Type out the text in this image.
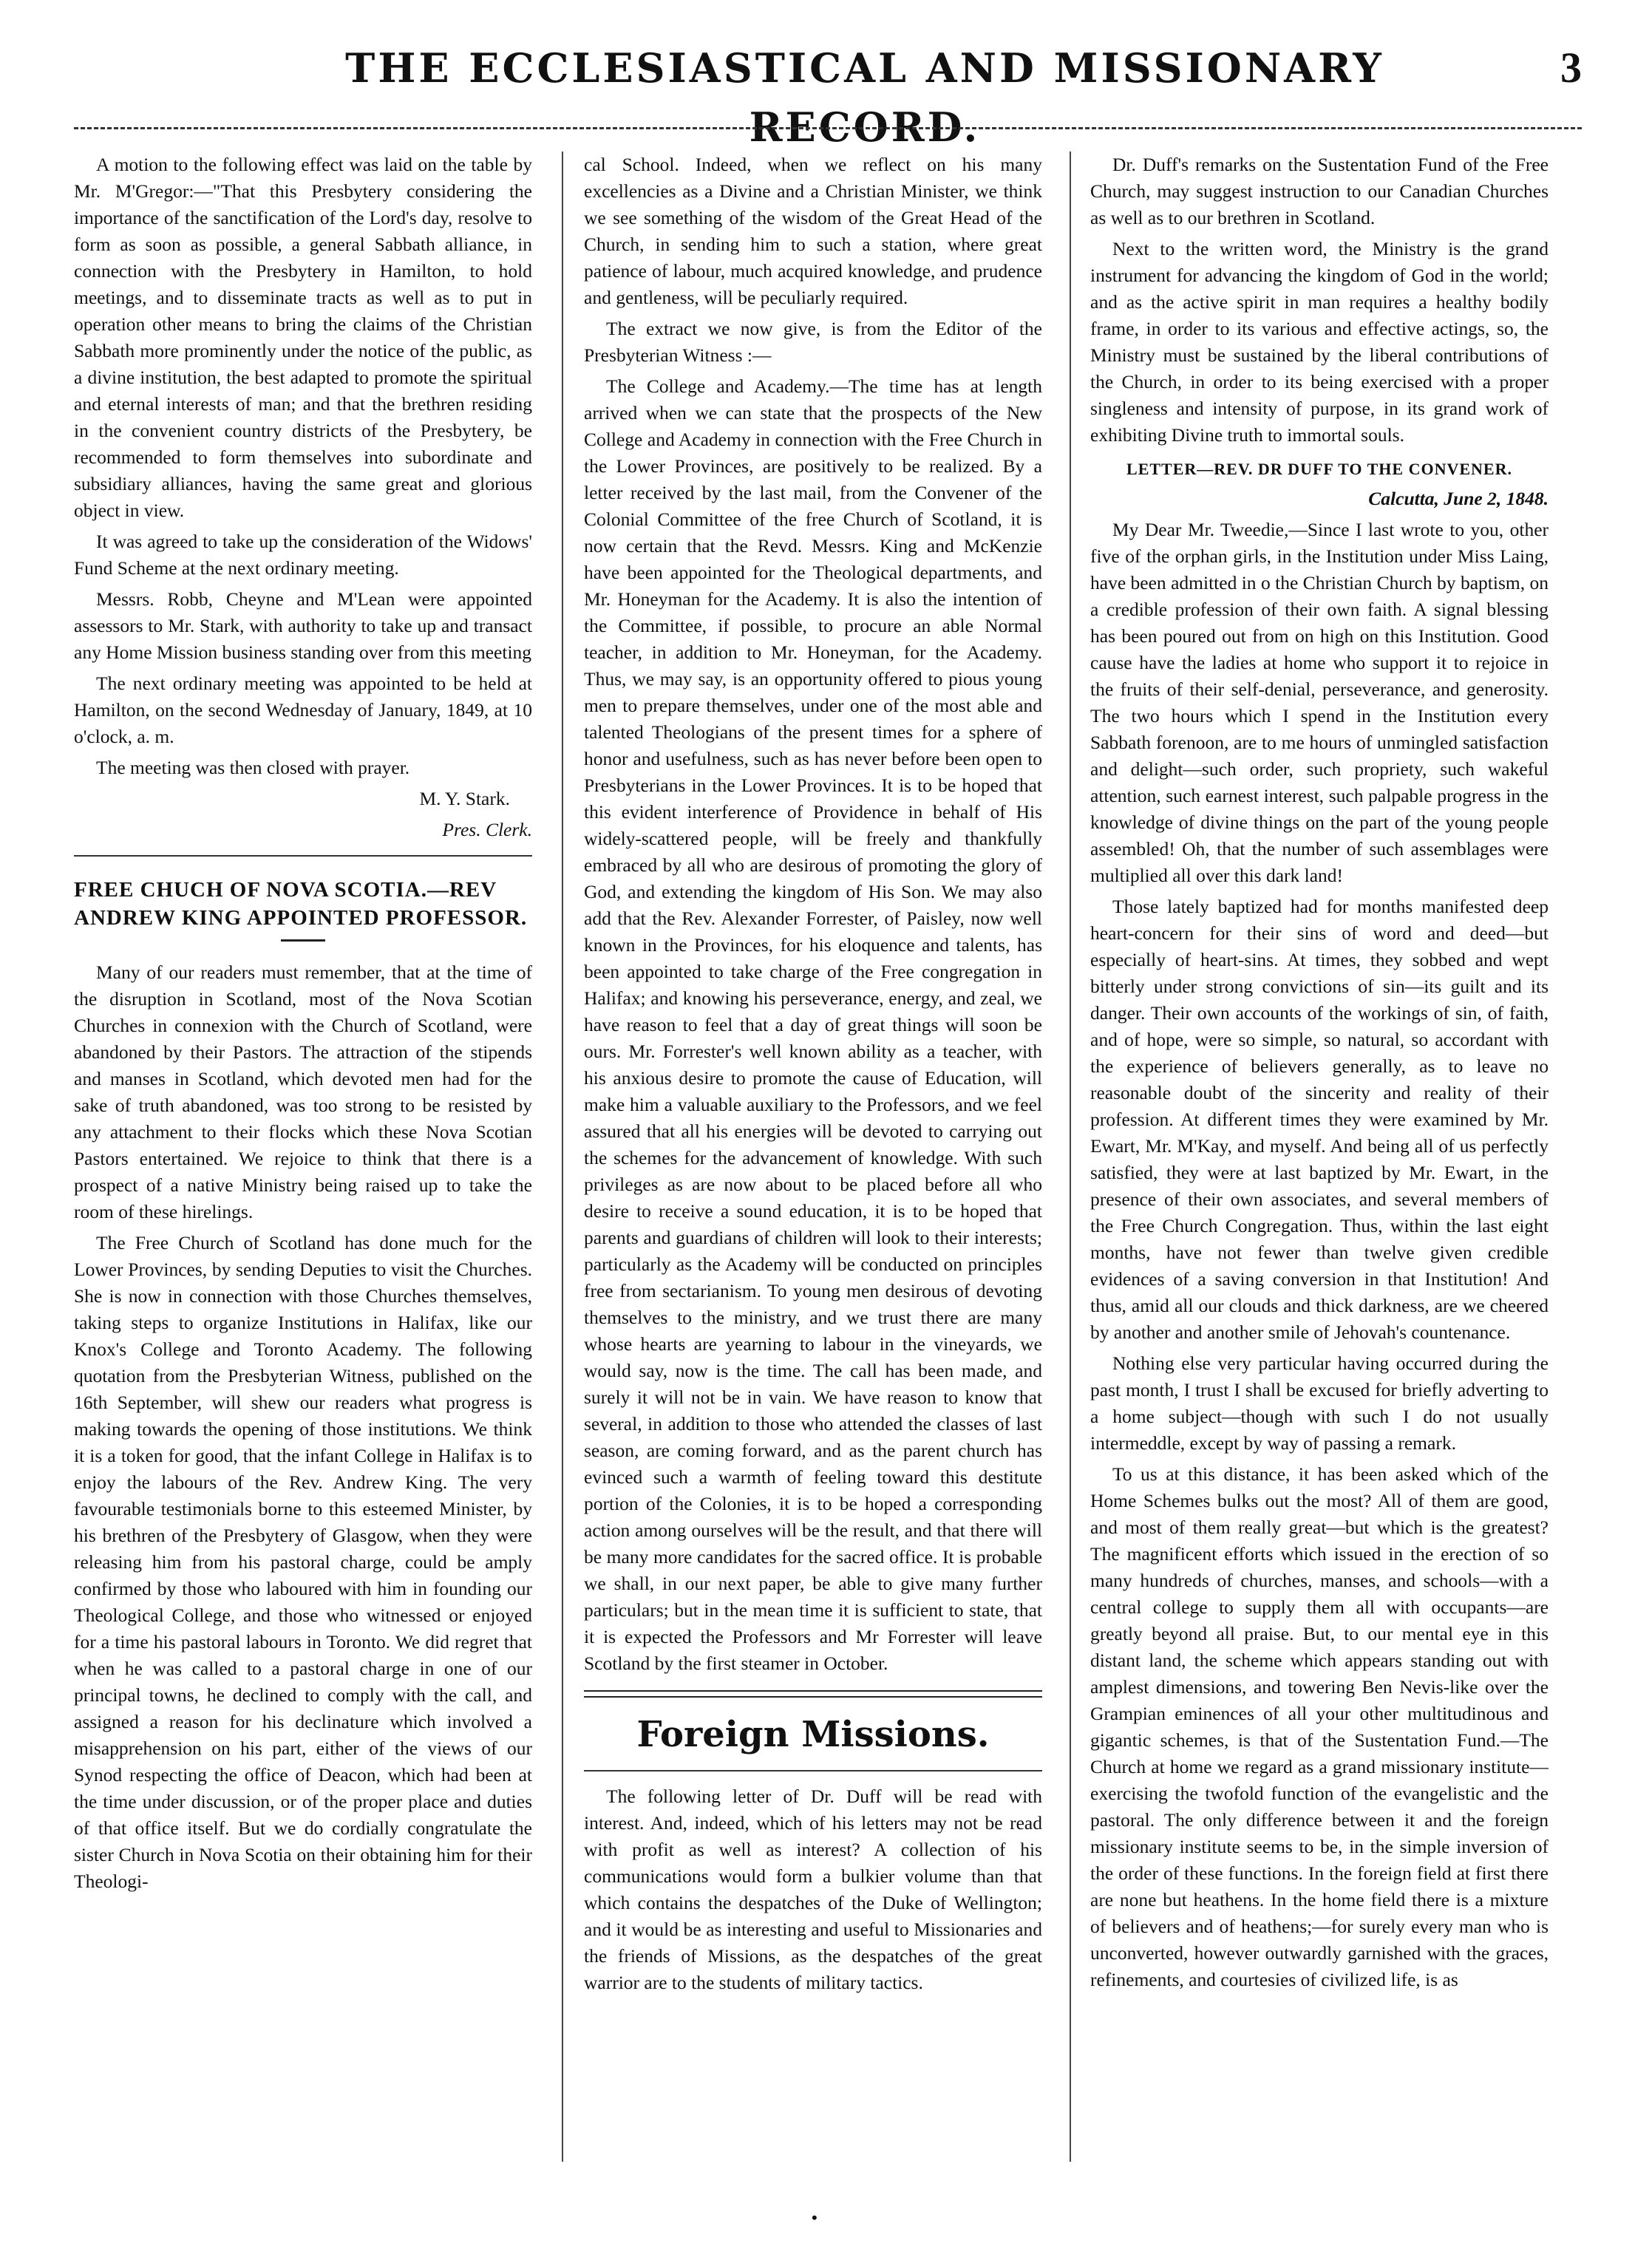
THE ECCLESIASTICAL AND MISSIONARY RECORD.
3

A motion to the following effect was laid on the table by Mr. M'Gregor:—"That this Presbytery considering the importance of the sanctification of the Lord's day, resolve to form as soon as possible, a general Sabbath alliance, in connection with the Presbytery in Hamilton, to hold meetings, and to disseminate tracts as well as to put in operation other means to bring the claims of the Christian Sabbath more prominently under the notice of the public, as a divine institution, the best adapted to promote the spiritual and eternal interests of man; and that the brethren residing in the convenient country districts of the Presbytery, be recommended to form themselves into subordinate and subsidiary alliances, having the same great and glorious object in view.

It was agreed to take up the consideration of the Widows' Fund Scheme at the next ordinary meeting.

Messrs. Robb, Cheyne and M'Lean were appointed assessors to Mr. Stark, with authority to take up and transact any Home Mission business standing over from this meeting

The next ordinary meeting was appointed to be held at Hamilton, on the second Wednesday of January, 1849, at 10 o'clock, a. m.

The meeting was then closed with prayer.

M. Y. Stark.

Pres. Clerk.

FREE CHUCH OF NOVA SCOTIA.—REV ANDREW KING APPOINTED PROFESSOR.

Many of our readers must remember, that at the time of the disruption in Scotland, most of the Nova Scotian Churches in connexion with the Church of Scotland, were abandoned by their Pastors. The attraction of the stipends and manses in Scotland, which devoted men had for the sake of truth abandoned, was too strong to be resisted by any attachment to their flocks which these Nova Scotian Pastors entertained. We rejoice to think that there is a prospect of a native Ministry being raised up to take the room of these hirelings.

The Free Church of Scotland has done much for the Lower Provinces, by sending Deputies to visit the Churches. She is now in connection with those Churches themselves, taking steps to organize Institutions in Halifax, like our Knox's College and Toronto Academy. The following quotation from the Presbyterian Witness, published on the 16th September, will shew our readers what progress is making towards the opening of those institutions. We think it is a token for good, that the infant College in Halifax is to enjoy the labours of the Rev. Andrew King. The very favourable testimonials borne to this esteemed Minister, by his brethren of the Presbytery of Glasgow, when they were releasing him from his pastoral charge, could be amply confirmed by those who laboured with him in founding our Theological College, and those who witnessed or enjoyed for a time his pastoral labours in Toronto. We did regret that when he was called to a pastoral charge in one of our principal towns, he declined to comply with the call, and assigned a reason for his declinature which involved a misapprehension on his part, either of the views of our Synod respecting the office of Deacon, which had been at the time under discussion, or of the proper place and duties of that office itself. But we do cordially congratulate the sister Church in Nova Scotia on their obtaining him for their Theologi-

cal School. Indeed, when we reflect on his many excellencies as a Divine and a Christian Minister, we think we see something of the wisdom of the Great Head of the Church, in sending him to such a station, where great patience of labour, much acquired knowledge, and prudence and gentleness, will be peculiarly required.

The extract we now give, is from the Editor of the Presbyterian Witness :—

The College and Academy.—The time has at length arrived when we can state that the prospects of the New College and Academy in connection with the Free Church in the Lower Provinces, are positively to be realized. By a letter received by the last mail, from the Convener of the Colonial Committee of the free Church of Scotland, it is now certain that the Revd. Messrs. King and McKenzie have been appointed for the Theological departments, and Mr. Honeyman for the Academy. It is also the intention of the Committee, if possible, to procure an able Normal teacher, in addition to Mr. Honeyman, for the Academy. Thus, we may say, is an opportunity offered to pious young men to prepare themselves, under one of the most able and talented Theologians of the present times for a sphere of honor and usefulness, such as has never before been open to Presbyterians in the Lower Provinces. It is to be hoped that this evident interference of Providence in behalf of His widely-scattered people, will be freely and thankfully embraced by all who are desirous of promoting the glory of God, and extending the kingdom of His Son. We may also add that the Rev. Alexander Forrester, of Paisley, now well known in the Provinces, for his eloquence and talents, has been appointed to take charge of the Free congregation in Halifax; and knowing his perseverance, energy, and zeal, we have reason to feel that a day of great things will soon be ours. Mr. Forrester's well known ability as a teacher, with his anxious desire to promote the cause of Education, will make him a valuable auxiliary to the Professors, and we feel assured that all his energies will be devoted to carrying out the schemes for the advancement of knowledge. With such privileges as are now about to be placed before all who desire to receive a sound education, it is to be hoped that parents and guardians of children will look to their interests; particularly as the Academy will be conducted on principles free from sectarianism. To young men desirous of devoting themselves to the ministry, and we trust there are many whose hearts are yearning to labour in the vineyards, we would say, now is the time. The call has been made, and surely it will not be in vain. We have reason to know that several, in addition to those who attended the classes of last season, are coming forward, and as the parent church has evinced such a warmth of feeling toward this destitute portion of the Colonies, it is to be hoped a corresponding action among ourselves will be the result, and that there will be many more candidates for the sacred office. It is probable we shall, in our next paper, be able to give many further particulars; but in the mean time it is sufficient to state, that it is expected the Professors and Mr Forrester will leave Scotland by the first steamer in October.

Foreign Missions.

The following letter of Dr. Duff will be read with interest. And, indeed, which of his letters may not be read with profit as well as interest? A collection of his communications would form a bulkier volume than that which contains the despatches of the Duke of Wellington; and it would be as interesting and useful to Missionaries and the friends of Missions, as the despatches of the great warrior are to the students of military tactics.

Dr. Duff's remarks on the Sustentation Fund of the Free Church, may suggest instruction to our Canadian Churches as well as to our brethren in Scotland.

Next to the written word, the Ministry is the grand instrument for advancing the kingdom of God in the world; and as the active spirit in man requires a healthy bodily frame, in order to its various and effective actings, so, the Ministry must be sustained by the liberal contributions of the Church, in order to its being exercised with a proper singleness and intensity of purpose, in its grand work of exhibiting Divine truth to immortal souls.

LETTER—REV. DR DUFF TO THE CONVENER.

Calcutta, June 2, 1848.

My Dear Mr. Tweedie,—Since I last wrote to you, other five of the orphan girls, in the Institution under Miss Laing, have been admitted in o the Christian Church by baptism, on a credible profession of their own faith. A signal blessing has been poured out from on high on this Institution. Good cause have the ladies at home who support it to rejoice in the fruits of their self-denial, perseverance, and generosity. The two hours which I spend in the Institution every Sabbath forenoon, are to me hours of unmingled satisfaction and delight—such order, such propriety, such wakeful attention, such earnest interest, such palpable progress in the knowledge of divine things on the part of the young people assembled! Oh, that the number of such assemblages were multiplied all over this dark land!

Those lately baptized had for months manifested deep heart-concern for their sins of word and deed—but especially of heart-sins. At times, they sobbed and wept bitterly under strong convictions of sin—its guilt and its danger. Their own accounts of the workings of sin, of faith, and of hope, were so simple, so natural, so accordant with the experience of believers generally, as to leave no reasonable doubt of the sincerity and reality of their profession. At different times they were examined by Mr. Ewart, Mr. M'Kay, and myself. And being all of us perfectly satisfied, they were at last baptized by Mr. Ewart, in the presence of their own associates, and several members of the Free Church Congregation. Thus, within the last eight months, have not fewer than twelve given credible evidences of a saving conversion in that Institution! And thus, amid all our clouds and thick darkness, are we cheered by another and another smile of Jehovah's countenance.

Nothing else very particular having occurred during the past month, I trust I shall be excused for briefly adverting to a home subject—though with such I do not usually intermeddle, except by way of passing a remark.

To us at this distance, it has been asked which of the Home Schemes bulks out the most? All of them are good, and most of them really great—but which is the greatest? The magnificent efforts which issued in the erection of so many hundreds of churches, manses, and schools—with a central college to supply them all with occupants—are greatly beyond all praise. But, to our mental eye in this distant land, the scheme which appears standing out with amplest dimensions, and towering Ben Nevis-like over the Grampian eminences of all your other multitudinous and gigantic schemes, is that of the Sustentation Fund.—The Church at home we regard as a grand missionary institute—exercising the twofold function of the evangelistic and the pastoral. The only difference between it and the foreign missionary institute seems to be, in the simple inversion of the order of these functions. In the foreign field at first there are none but heathens. In the home field there is a mixture of believers and of heathens;—for surely every man who is unconverted, however outwardly garnished with the graces, refinements, and courtesies of civilized life, is as

•
